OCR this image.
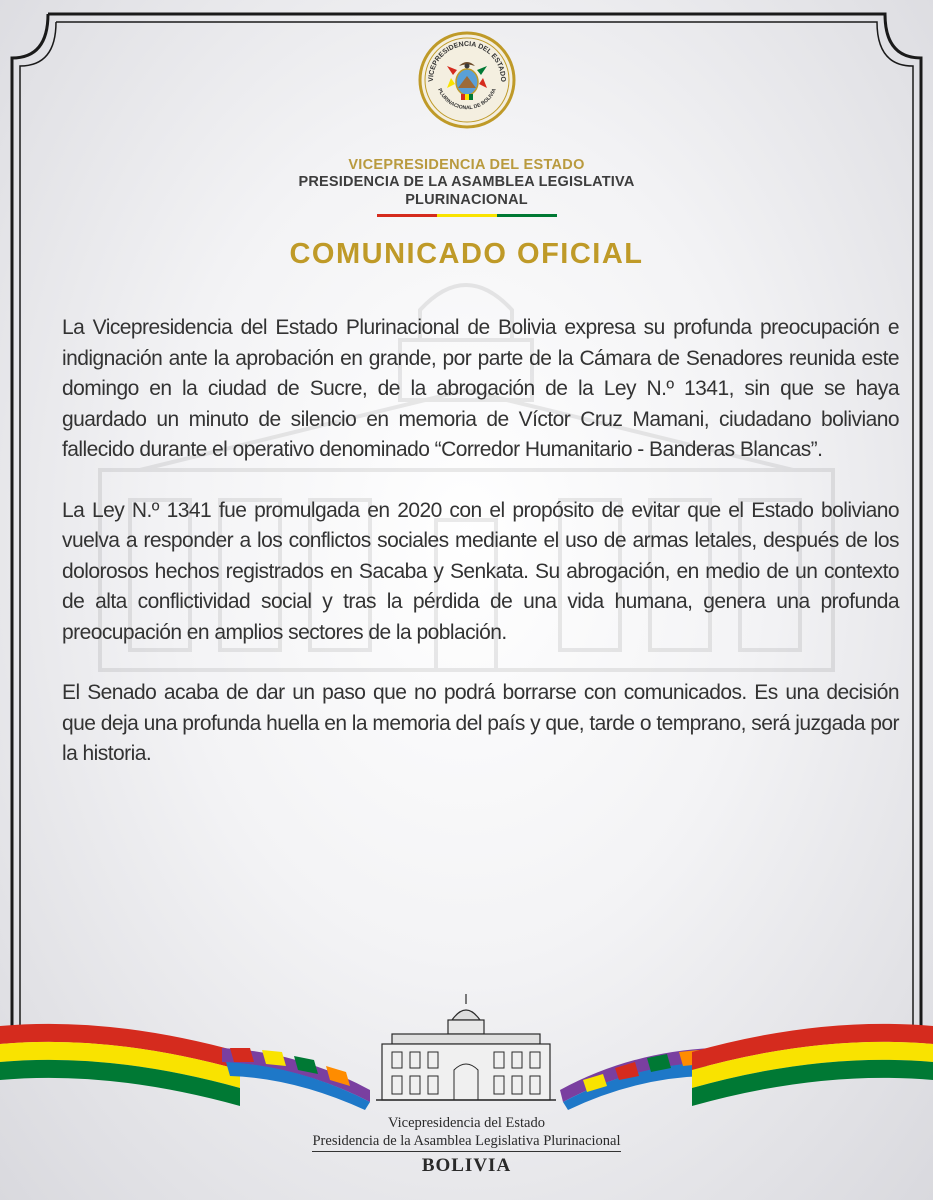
VICEPRESIDENCIA DEL ESTADO
PLURINACIONAL DE BOLIVIA
VICEPRESIDENCIA DEL ESTADO
PRESIDENCIA DE LA ASAMBLEA LEGISLATIVA
PLURINACIONAL
COMUNICADO OFICIAL

La Vicepresidencia del Estado Plurinacional de Bolivia expresa su profunda preocupación e indignación ante la aprobación en grande, por parte de la Cámara de Senadores reunida este domingo en la ciudad de Sucre, de la abrogación de la Ley N.º 1341, sin que se haya guardado un minuto de silencio en memoria de Víctor Cruz Mamani, ciudadano boliviano fallecido durante el operativo denominado “Corredor Humanitario - Banderas Blancas”.

La Ley N.º 1341 fue promulgada en 2020 con el propósito de evitar que el Estado boliviano vuelva a responder a los conflictos sociales mediante el uso de armas letales, después de los dolorosos hechos registrados en Sacaba y Senkata. Su abrogación, en medio de un contexto de alta conflictividad social y tras la pérdida de una vida humana, genera una profunda preocupación en amplios sectores de la población.

El Senado acaba de dar un paso que no podrá borrarse con comunicados. Es una decisión que deja una profunda huella en la memoria del país y que, tarde o temprano, será juzgada por la historia.

Vicepresidencia del Estado
Presidencia de la Asamblea Legislativa Plurinacional
BOLIVIA
